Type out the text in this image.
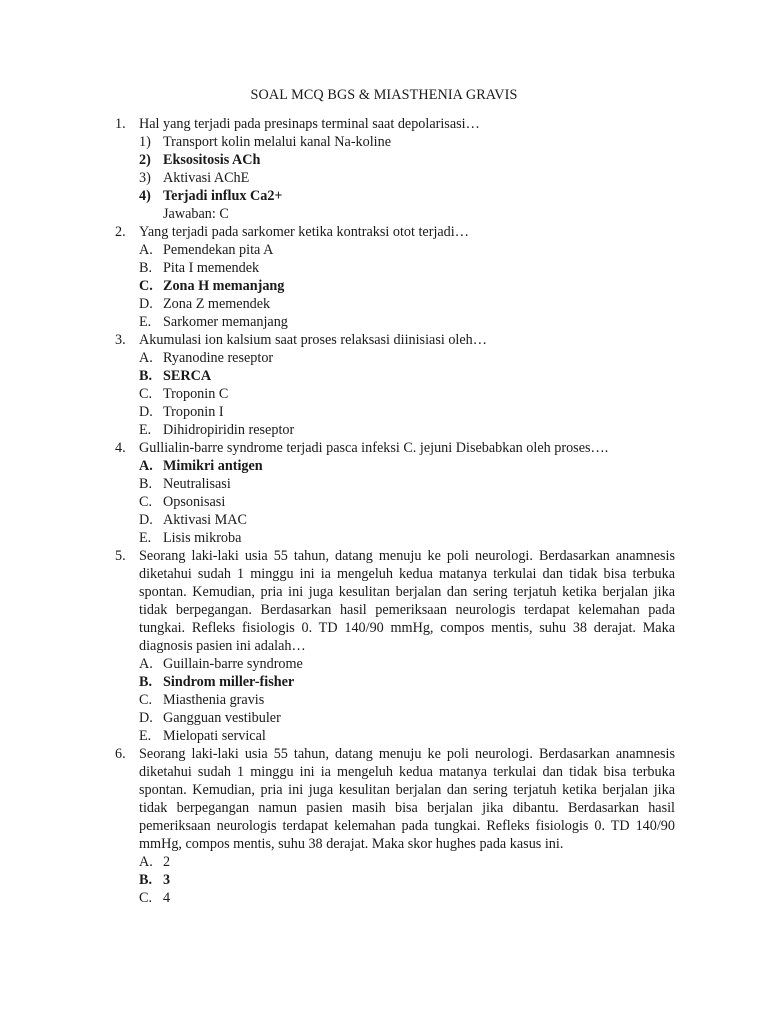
SOAL MCQ BGS & MIASTHENIA GRAVIS
1. Hal yang terjadi pada presinaps terminal saat depolarisasi…
1) Transport kolin melalui kanal Na-koline
2) Eksositosis ACh
3) Aktivasi AChE
4) Terjadi influx Ca2+
Jawaban: C
2. Yang terjadi pada sarkomer ketika kontraksi otot terjadi…
A. Pemendekan pita A
B. Pita I memendek
C. Zona H memanjang
D. Zona Z memendek
E. Sarkomer memanjang
3. Akumulasi ion kalsium saat proses relaksasi diinisiasi oleh…
A. Ryanodine reseptor
B. SERCA
C. Troponin C
D. Troponin I
E. Dihidropiridin reseptor
4. Gullialin-barre syndrome terjadi pasca infeksi C. jejuni Disebabkan oleh proses….
A. Mimikri antigen
B. Neutralisasi
C. Opsonisasi
D. Aktivasi MAC
E. Lisis mikroba
5. Seorang laki-laki usia 55 tahun, datang menuju ke poli neurologi. Berdasarkan anamnesis diketahui sudah 1 minggu ini ia mengeluh kedua matanya terkulai dan tidak bisa terbuka spontan. Kemudian, pria ini juga kesulitan berjalan dan sering terjatuh ketika berjalan jika tidak berpegangan. Berdasarkan hasil pemeriksaan neurologis terdapat kelemahan pada tungkai. Refleks fisiologis 0. TD 140/90 mmHg, compos mentis, suhu 38 derajat. Maka diagnosis pasien ini adalah…
A. Guillain-barre syndrome
B. Sindrom miller-fisher
C. Miasthenia gravis
D. Gangguan vestibuler
E. Mielopati servical
6. Seorang laki-laki usia 55 tahun, datang menuju ke poli neurologi. Berdasarkan anamnesis diketahui sudah 1 minggu ini ia mengeluh kedua matanya terkulai dan tidak bisa terbuka spontan. Kemudian, pria ini juga kesulitan berjalan dan sering terjatuh ketika berjalan jika tidak berpegangan namun pasien masih bisa berjalan jika dibantu. Berdasarkan hasil pemeriksaan neurologis terdapat kelemahan pada tungkai. Refleks fisiologis 0. TD 140/90 mmHg, compos mentis, suhu 38 derajat. Maka skor hughes pada kasus ini.
A. 2
B. 3
C. 4
